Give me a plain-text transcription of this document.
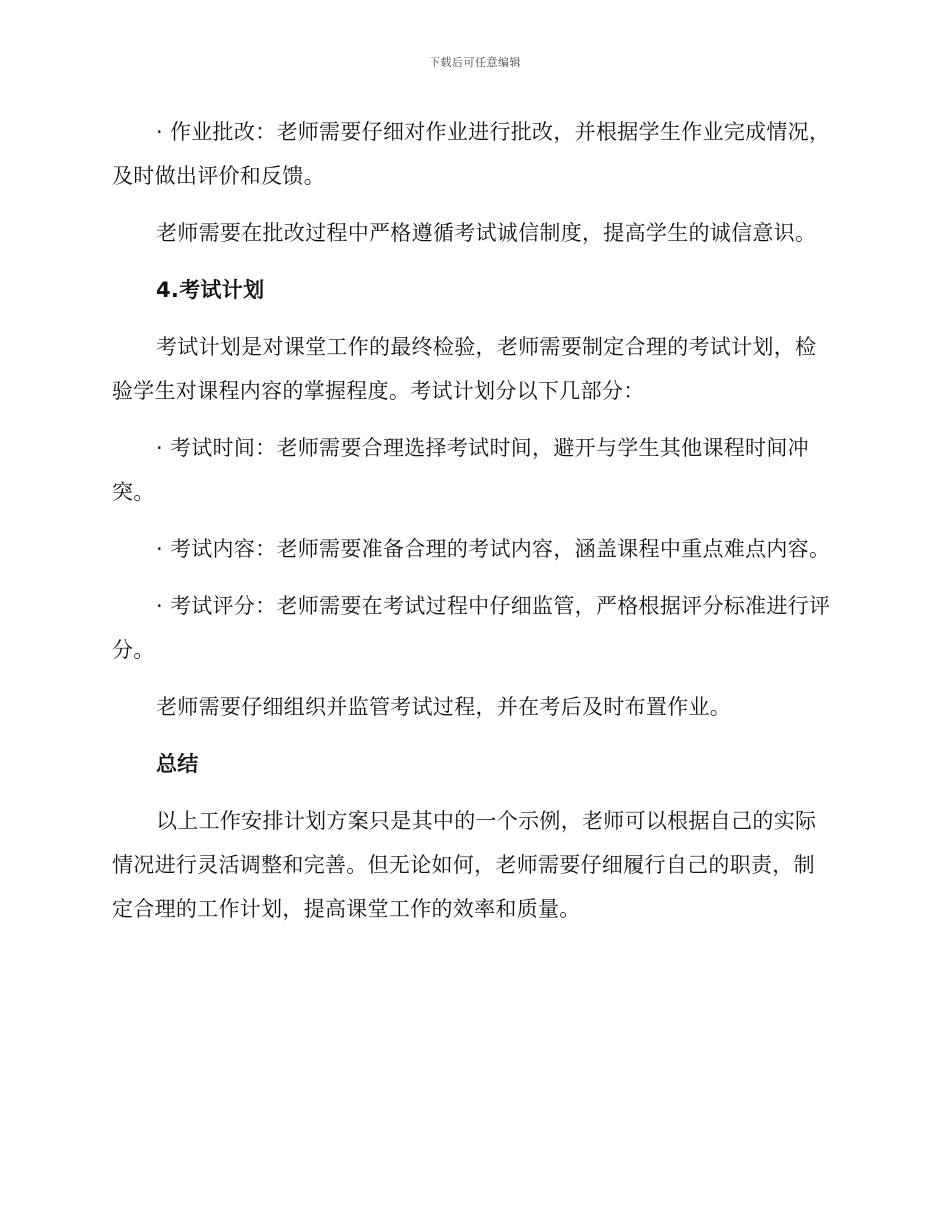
下载后可任意编辑

· 作业批改：老师需要仔细对作业进行批改，并根据学生作业完成情况，及时做出评价和反馈。

老师需要在批改过程中严格遵循考试诚信制度，提高学生的诚信意识。

4.考试计划

考试计划是对课堂工作的最终检验，老师需要制定合理的考试计划，检验学生对课程内容的掌握程度。考试计划分以下几部分：

· 考试时间：老师需要合理选择考试时间，避开与学生其他课程时间冲突。

· 考试内容：老师需要准备合理的考试内容，涵盖课程中重点难点内容。

· 考试评分：老师需要在考试过程中仔细监管，严格根据评分标准进行评分。

老师需要仔细组织并监管考试过程，并在考后及时布置作业。

总结

以上工作安排计划方案只是其中的一个示例，老师可以根据自己的实际情况进行灵活调整和完善。但无论如何，老师需要仔细履行自己的职责，制定合理的工作计划，提高课堂工作的效率和质量。
